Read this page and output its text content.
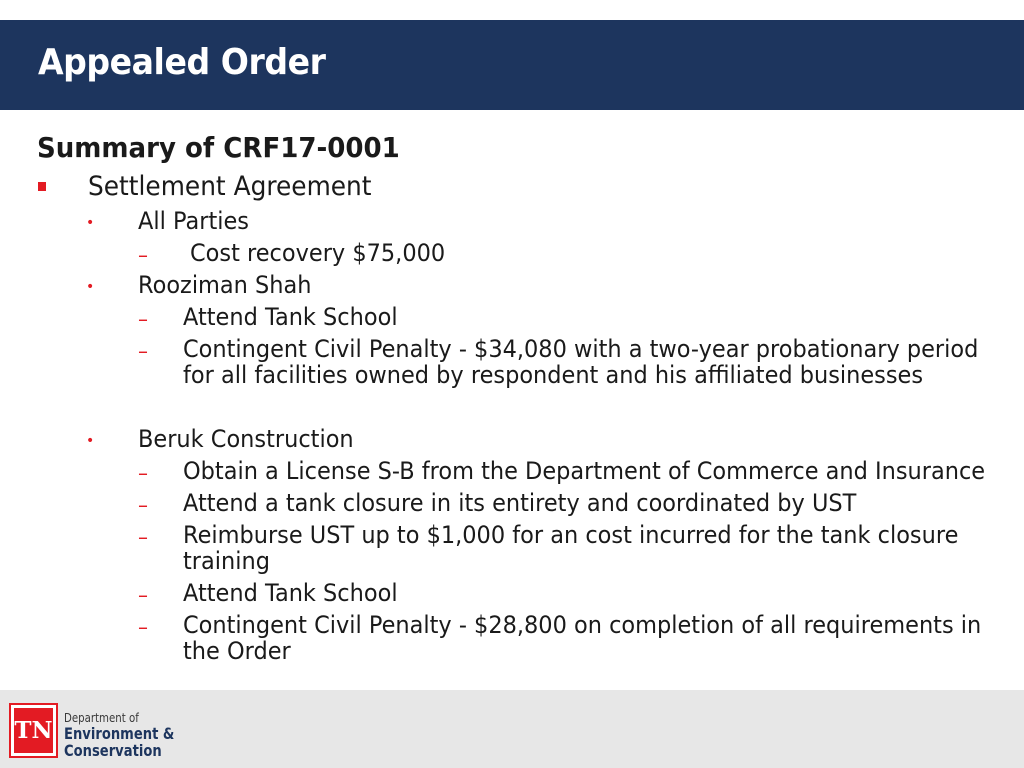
Appealed Order
Summary of CRF17-0001
Settlement Agreement
• All Parties
– Cost recovery $75,000
• Rooziman Shah
– Attend Tank School
– Contingent Civil Penalty - $34,080 with a two-year probationary period
for all facilities owned by respondent and his affiliated businesses
• Beruk Construction
– Obtain a License S-B from the Department of Commerce and Insurance
– Attend a tank closure in its entirety and coordinated by UST
– Reimburse UST up to $1,000 for an cost incurred for the tank closure
training
– Attend Tank School
– Contingent Civil Penalty - $28,800 on completion of all requirements in
the Order
TN Department of
Environment &
Conservation
